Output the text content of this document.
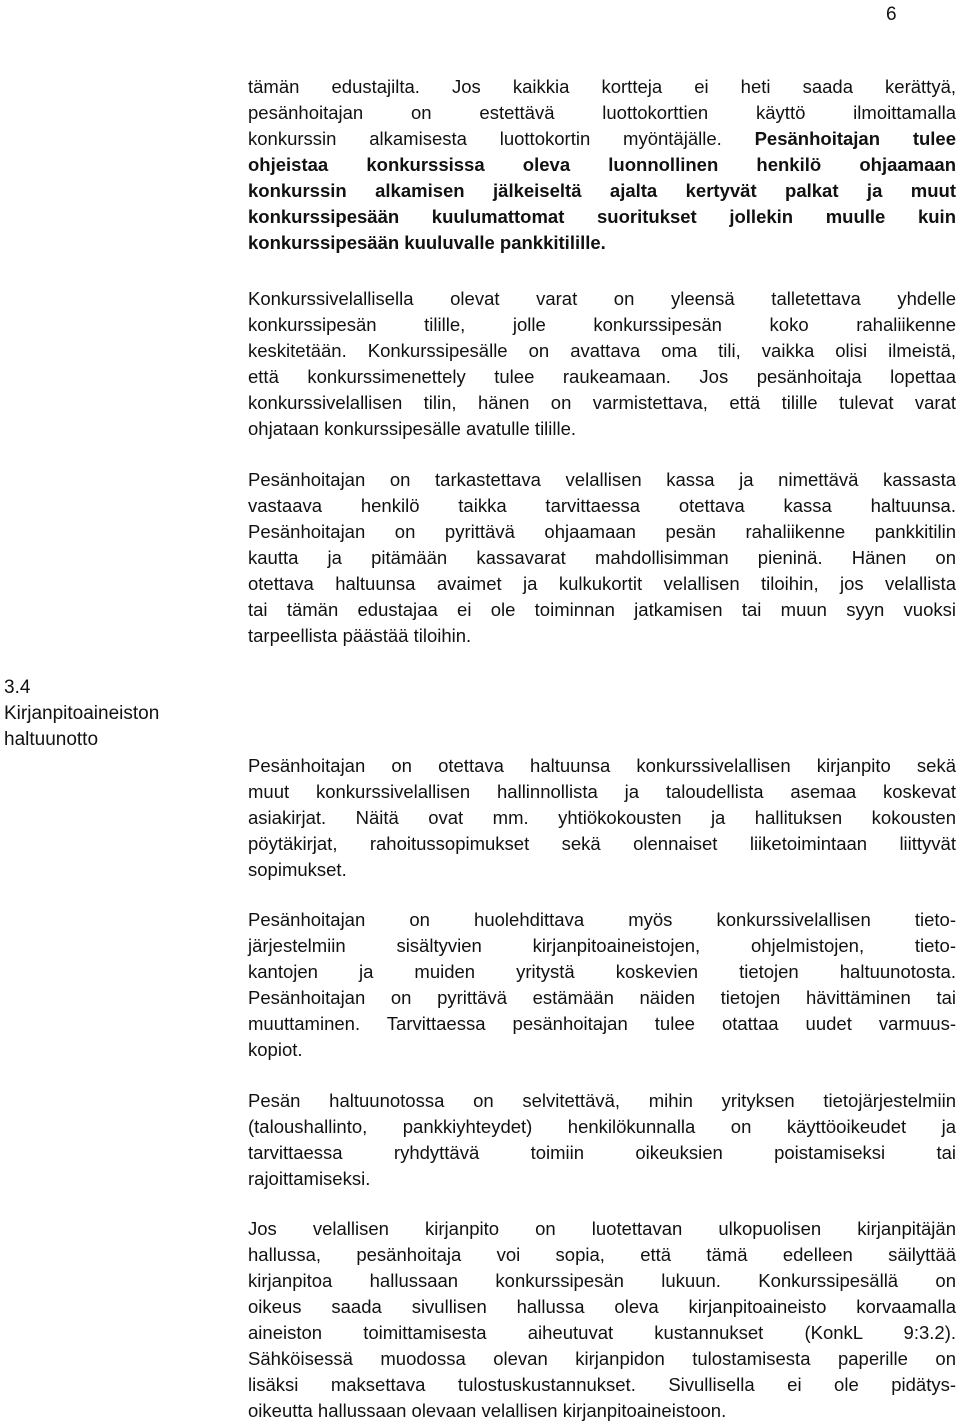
6
3.4
Kirjanpitoaineiston haltuunotto
tämän edustajilta. Jos kaikkia kortteja ei heti saada kerättyä,
pesänhoitajan on estettävä luottokorttien käyttö ilmoittamalla
konkurssin alkamisesta luottokortin myöntäjälle. Pesänhoitajan tulee
ohjeistaa konkurssissa oleva luonnollinen henkilö ohjaamaan
konkurssin alkamisen jälkeiseltä ajalta kertyvät palkat ja muut
konkurssipesään kuulumattomat suoritukset jollekin muulle kuin
konkurssipesään kuuluvalle pankkitilille.
Konkurssivelallisella olevat varat on yleensä talletettava yhdelle
konkurssipesän tilille, jolle konkurssipesän koko rahaliikenne
keskitetään. Konkurssipesälle on avattava oma tili, vaikka olisi ilmeistä,
että konkurssimenettely tulee raukeamaan. Jos pesänhoitaja lopettaa
konkurssivelallisen tilin, hänen on varmistettava, että tilille tulevat varat
ohjataan konkurssipesälle avatulle tilille.
Pesänhoitajan on tarkastettava velallisen kassa ja nimettävä kassasta
vastaava henkilö taikka tarvittaessa otettava kassa haltuunsa.
Pesänhoitajan on pyrittävä ohjaamaan pesän rahaliikenne pankkitilin
kautta ja pitämään kassavarat mahdollisimman pieninä. Hänen on
otettava haltuunsa avaimet ja kulkukortit velallisen tiloihin, jos velallista
tai tämän edustajaa ei ole toiminnan jatkamisen tai muun syyn vuoksi
tarpeellista päästää tiloihin.
Pesänhoitajan on otettava haltuunsa konkurssivelallisen kirjanpito sekä
muut konkurssivelallisen hallinnollista ja taloudellista asemaa koskevat
asiakirjat. Näitä ovat mm. yhtiökokousten ja hallituksen kokousten
pöytäkirjat, rahoitussopimukset sekä olennaiset liiketoimintaan liittyvät
sopimukset.
Pesänhoitajan on huolehdittava myös konkurssivelallisen tieto-
järjestelmiin sisältyvien kirjanpitoaineistojen, ohjelmistojen, tieto-
kantojen ja muiden yritystä koskevien tietojen haltuunotosta.
Pesänhoitajan on pyrittävä estämään näiden tietojen hävittäminen tai
muuttaminen. Tarvittaessa pesänhoitajan tulee otattaa uudet varmuus-
kopiot.
Pesän haltuunotossa on selvitettävä, mihin yrityksen tietojärjestelmiin
(taloushallinto, pankkiyhteydet) henkilökunnalla on käyttöoikeudet ja
tarvittaessa ryhdyttävä toimiin oikeuksien poistamiseksi tai
rajoittamiseksi.
Jos velallisen kirjanpito on luotettavan ulkopuolisen kirjanpitäjän
hallussa, pesänhoitaja voi sopia, että tämä edelleen säilyttää
kirjanpitoa hallussaan konkurssipesän lukuun. Konkurssipesällä on
oikeus saada sivullisen hallussa oleva kirjanpitoaineisto korvaamalla
aineiston toimittamisesta aiheutuvat kustannukset (KonkL 9:3.2).
Sähköisessä muodossa olevan kirjanpidon tulostamisesta paperille on
lisäksi maksettava tulostuskustannukset. Sivullisella ei ole pidätys-
oikeutta hallussaan olevaan velallisen kirjanpitoaineistoon.
